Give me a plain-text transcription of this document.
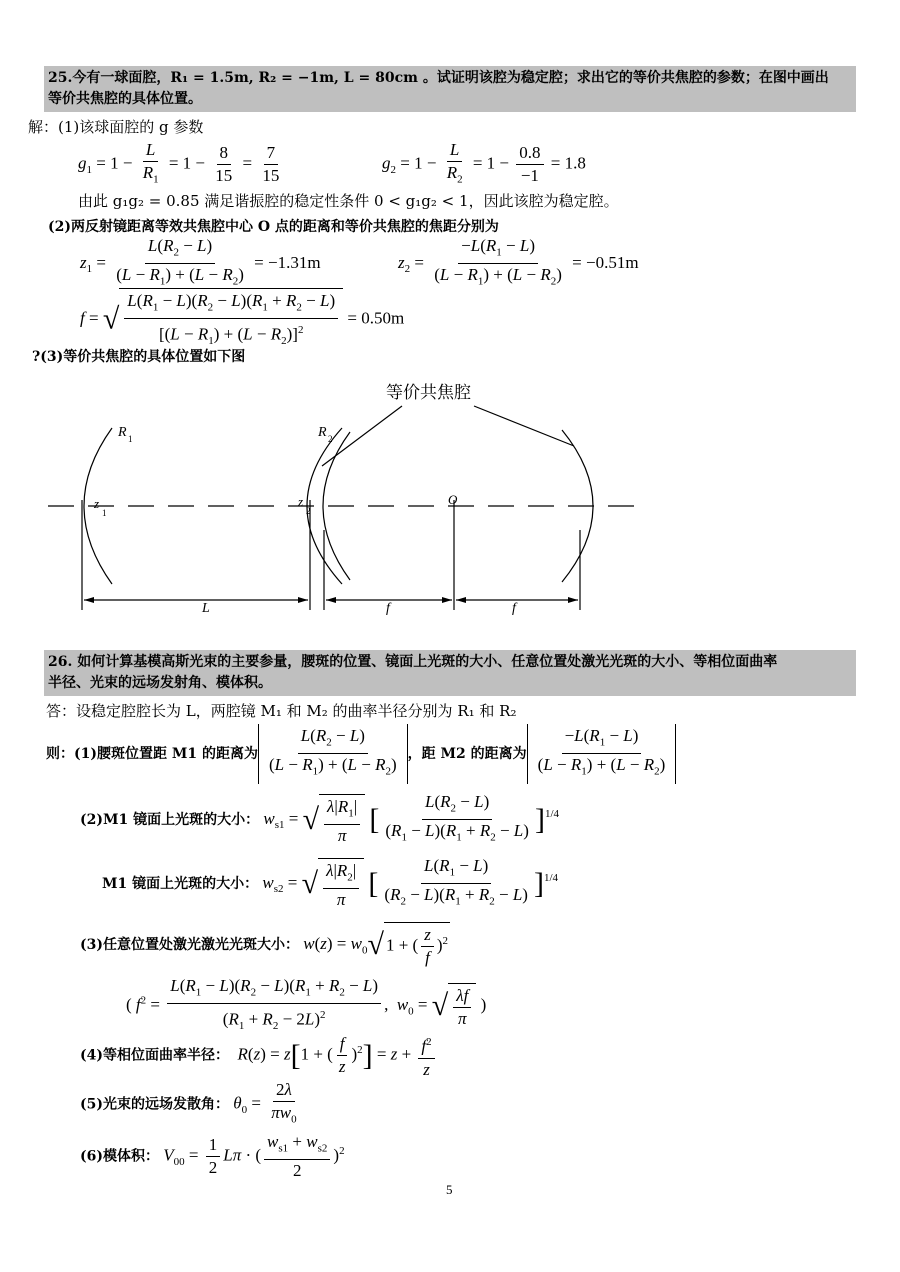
25.今有一球面腔，R₁ = 1.5m, R₂ = −1m, L = 80cm 。试证明该腔为稳定腔；求出它的等价共焦腔的参数；在图中画出
等价共焦腔的具体位置。
解：(1)该球面腔的 g 参数
$g_1 = 1 - \frac{L}{R_1} = 1 - \frac{8}{15} = \frac{7}{15}$	$g_2 = 1 - \frac{L}{R_2} = 1 - \frac{0.8}{-1} = 1.8$
由此 g₁g₂ = 0.85 满足谐振腔的稳定性条件 0 < g₁g₂ < 1，因此该腔为稳定腔。
(2)两反射镜距离等效共焦腔中心 O 点的距离和等价共焦腔的焦距分别为
$z_1 = \frac{L(R_2 - L)}{(L - R_1) + (L - R_2)} = -1.31m$	$z_2 = \frac{-L(R_1 - L)}{(L - R_1) + (L - R_2)} = -0.51m$
f = √ $\frac{L(R_1 - L)(R_2 - L)(R_1 + R_2 - L)}{[(L - R_1) + (L - R_2)]^2} = 0.50m$
?(3)等价共焦腔的具体位置如下图
等价共焦腔
R 1	R 2
z
1
z
2
O
L	f	f
26. 如何计算基模高斯光束的主要参量，腰斑的位置、镜面上光斑的大小、任意位置处激光光斑的大小、等相位面曲率
半径、光束的远场发射角、模体积。
答：设稳定腔腔长为 L，两腔镜 M₁ 和 M₂ 的曲率半径分别为 R₁ 和 R₂
则：(1)腰斑位置距 M1 的距离为 $\frac{L(R_2 - L)}{(L - R_1) + (L - R_2)}$ ，距 M2 的距离为 $\frac{-L(R_1 - L)}{(L - R_1) + (L - R_2)}$
(2)M1 镜面上光斑的大小： $w_{s1}$ = √ $\frac{\lambda|R_1|}{\pi}$ [ $\frac{L(R_2 - L)}{(R_1 - L)(R_1 + R_2 - L)} ]^{1/4}$
M1 镜面上光斑的大小： $w_{s2}$ = √ $\frac{\lambda|R_2|}{\pi}$ [ $\frac{L(R_1 - L)}{(R_2 - L)(R_1 + R_2 - L)} ]^{1/4}$
(3)任意位置处激光激光光斑大小： $w(z) = w_0√$ 1 + ( $\frac{z}{f} )^2$
( $f^2 = \frac{L(R_1 - L)(R_2 - L)(R_1 + R_2 - L)}{(R_1 + R_2 - 2L)^2}$ ,  $w_0$ = √ $\frac{\lambda f}{\pi}$ )
(4)等相位面曲率半径： R(z) = z[1 + ( $\frac{f}{z} )^2] = z + \frac{f^2}{z}$
(5)光束的远场发散角： $\theta_0 = \frac{2\lambda}{\pi w_0}$
(6)模体积： $V_{00} = \frac{1}{2}$ Lπ · ( $\frac{w_{s1} + w_{s2}}{2} )^2$
5
